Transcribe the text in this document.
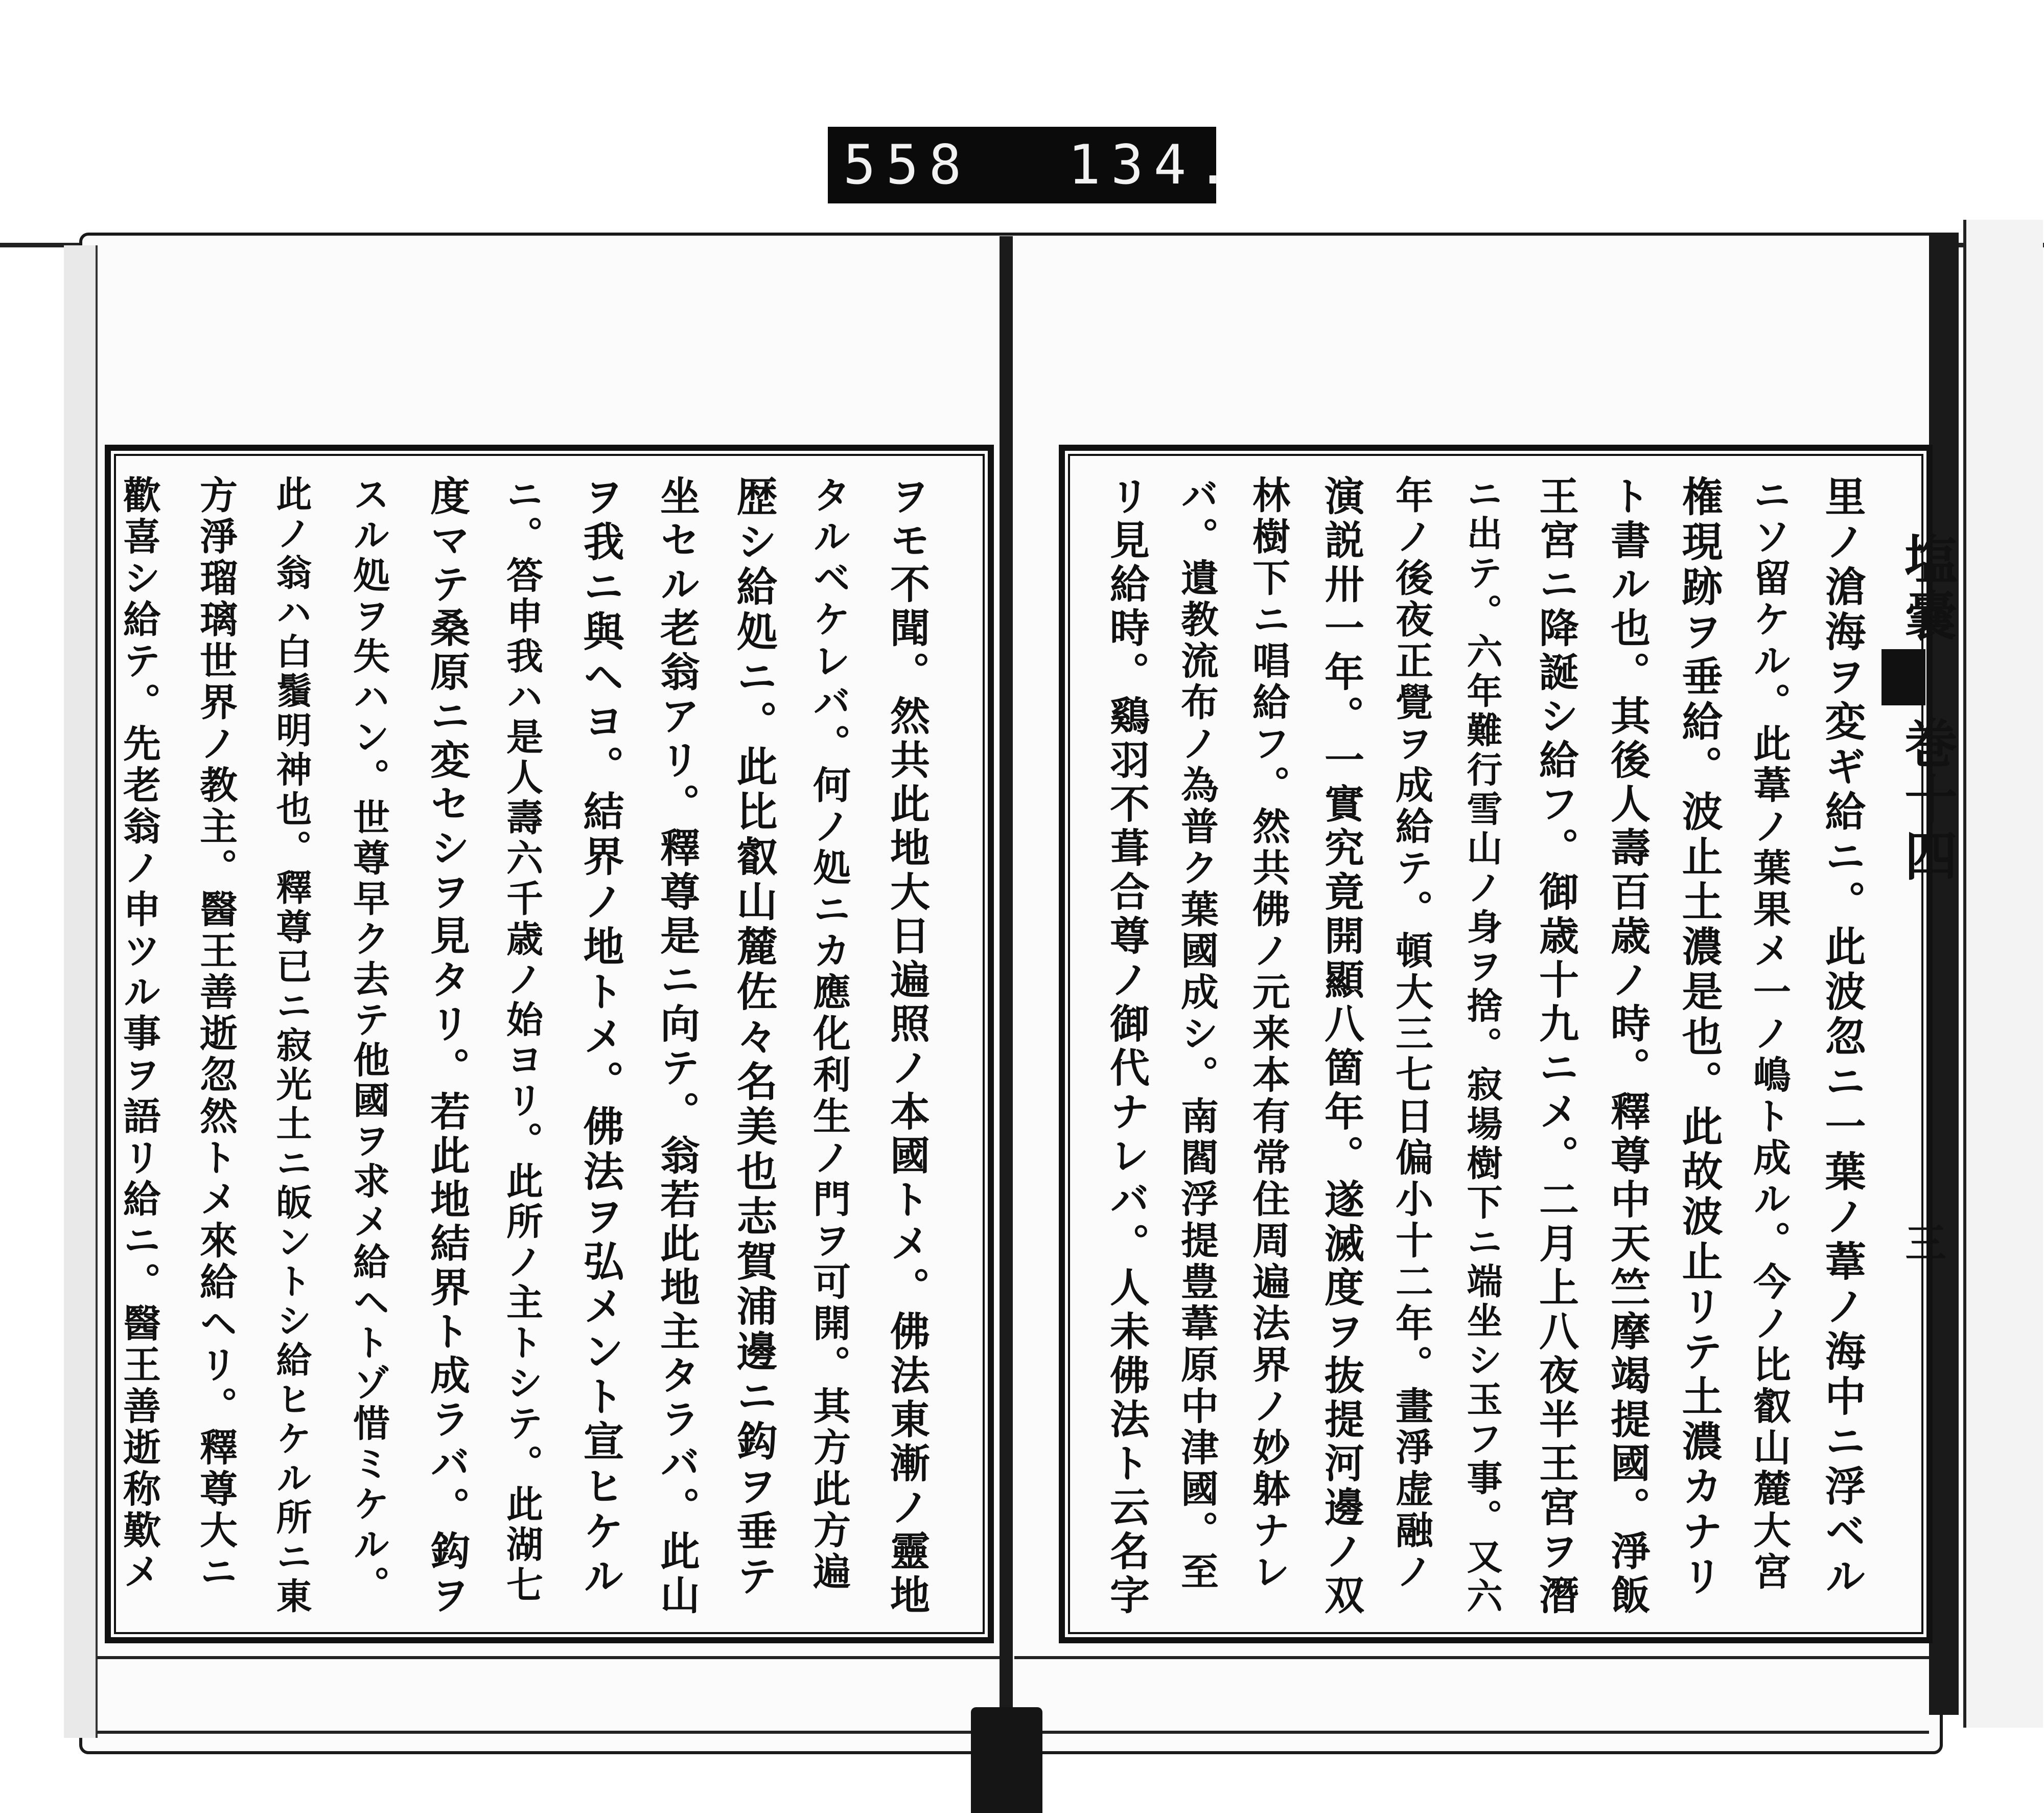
558 134.
塩嚢
巻十四
三
里ノ滄海ヲ変ギ給ニ。此波忽ニ一葉ノ葦ノ海中ニ浮ベル
ニソ留ケル。此葦ノ葉果メ一ノ嶋ト成ル。今ノ比叡山麓大宮
権現跡ヲ垂給。波止土濃是也。此故波止リテ土濃カナリ
ト書ル也。其後人壽百歳ノ時。釋尊中天竺摩竭提國。淨飯
王宮ニ降誕シ給フ。御歳十九ニメ。二月上八夜半王宮ヲ潛
ニ出テ。六年難行雪山ノ身ヲ捨。寂場樹下ニ端坐シ玉フ事。又六
年ノ後夜正覺ヲ成給テ。頓大三七日偏小十二年。畫淨虚融ノ
演説卅一年。一實究竟開顯八箇年。遂滅度ヲ抜提河邊ノ双
林樹下ニ唱給フ。然共佛ノ元来本有常住周遍法界ノ妙躰ナレ
バ。遺教流布ノ為普ク葉國成シ。南閻浮提豊葦原中津國。至
リ見給時。鷄羽不葺合尊ノ御代ナレバ。人未佛法ト云名字
ヲモ不聞。然共此地大日遍照ノ本國トメ。佛法東漸ノ靈地
タルベケレバ。何ノ処ニカ應化利生ノ門ヲ可開。其方此方遍
歴シ給処ニ。此比叡山麓佐々名美也志賀浦邊ニ鈎ヲ垂テ
坐セル老翁アリ。釋尊是ニ向テ。翁若此地主タラバ。此山
ヲ我ニ與ヘヨ。結界ノ地トメ。佛法ヲ弘メント宣ヒケル
ニ。答申我ハ是人壽六千歳ノ始ヨリ。此所ノ主トシテ。此湖七
度マテ桑原ニ変セシヲ見タリ。若此地結界ト成ラバ。鈎ヲ
スル処ヲ失ハン。世尊早ク去テ他國ヲ求メ給ヘトゾ惜ミケル。
此ノ翁ハ白鬚明神也。釋尊已ニ寂光土ニ皈ントシ給ヒケル所ニ東
方淨瑠璃世界ノ教主。醫王善逝忽然トメ來給ヘリ。釋尊大ニ
歡喜シ給テ。先老翁ノ申ツル事ヲ語リ給ニ。醫王善逝称歎メ
